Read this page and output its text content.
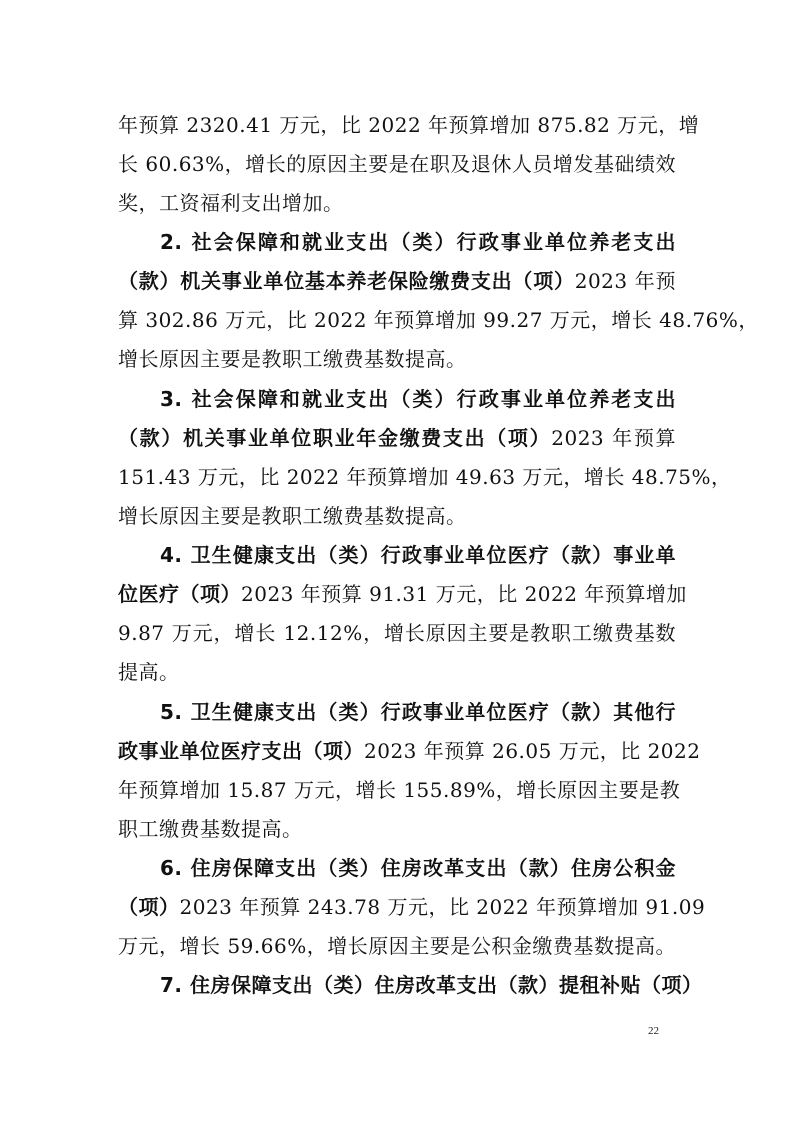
年预算 2320.41 万元，比 2022 年预算增加 875.82 万元，增
长 60.63%，增长的原因主要是在职及退休人员增发基础绩效
奖，工资福利支出增加。
2. 社会保障和就业支出（类）行政事业单位养老支出
（款）机关事业单位基本养老保险缴费支出（项）2023 年预
算 302.86 万元，比 2022 年预算增加 99.27 万元，增长 48.76%，
增长原因主要是教职工缴费基数提高。
3. 社会保障和就业支出（类）行政事业单位养老支出
（款）机关事业单位职业年金缴费支出（项）2023 年预算
151.43 万元，比 2022 年预算增加 49.63 万元，增长 48.75%，
增长原因主要是教职工缴费基数提高。
4. 卫生健康支出（类）行政事业单位医疗（款）事业单
位医疗（项）2023 年预算 91.31 万元，比 2022 年预算增加
9.87 万元，增长 12.12%，增长原因主要是教职工缴费基数
提高。
5. 卫生健康支出（类）行政事业单位医疗（款）其他行
政事业单位医疗支出（项）2023 年预算 26.05 万元，比 2022
年预算增加 15.87 万元，增长 155.89%，增长原因主要是教
职工缴费基数提高。
6. 住房保障支出（类）住房改革支出（款）住房公积金
（项）2023 年预算 243.78 万元，比 2022 年预算增加 91.09
万元，增长 59.66%，增长原因主要是公积金缴费基数提高。
7. 住房保障支出（类）住房改革支出（款）提租补贴（项）
22
